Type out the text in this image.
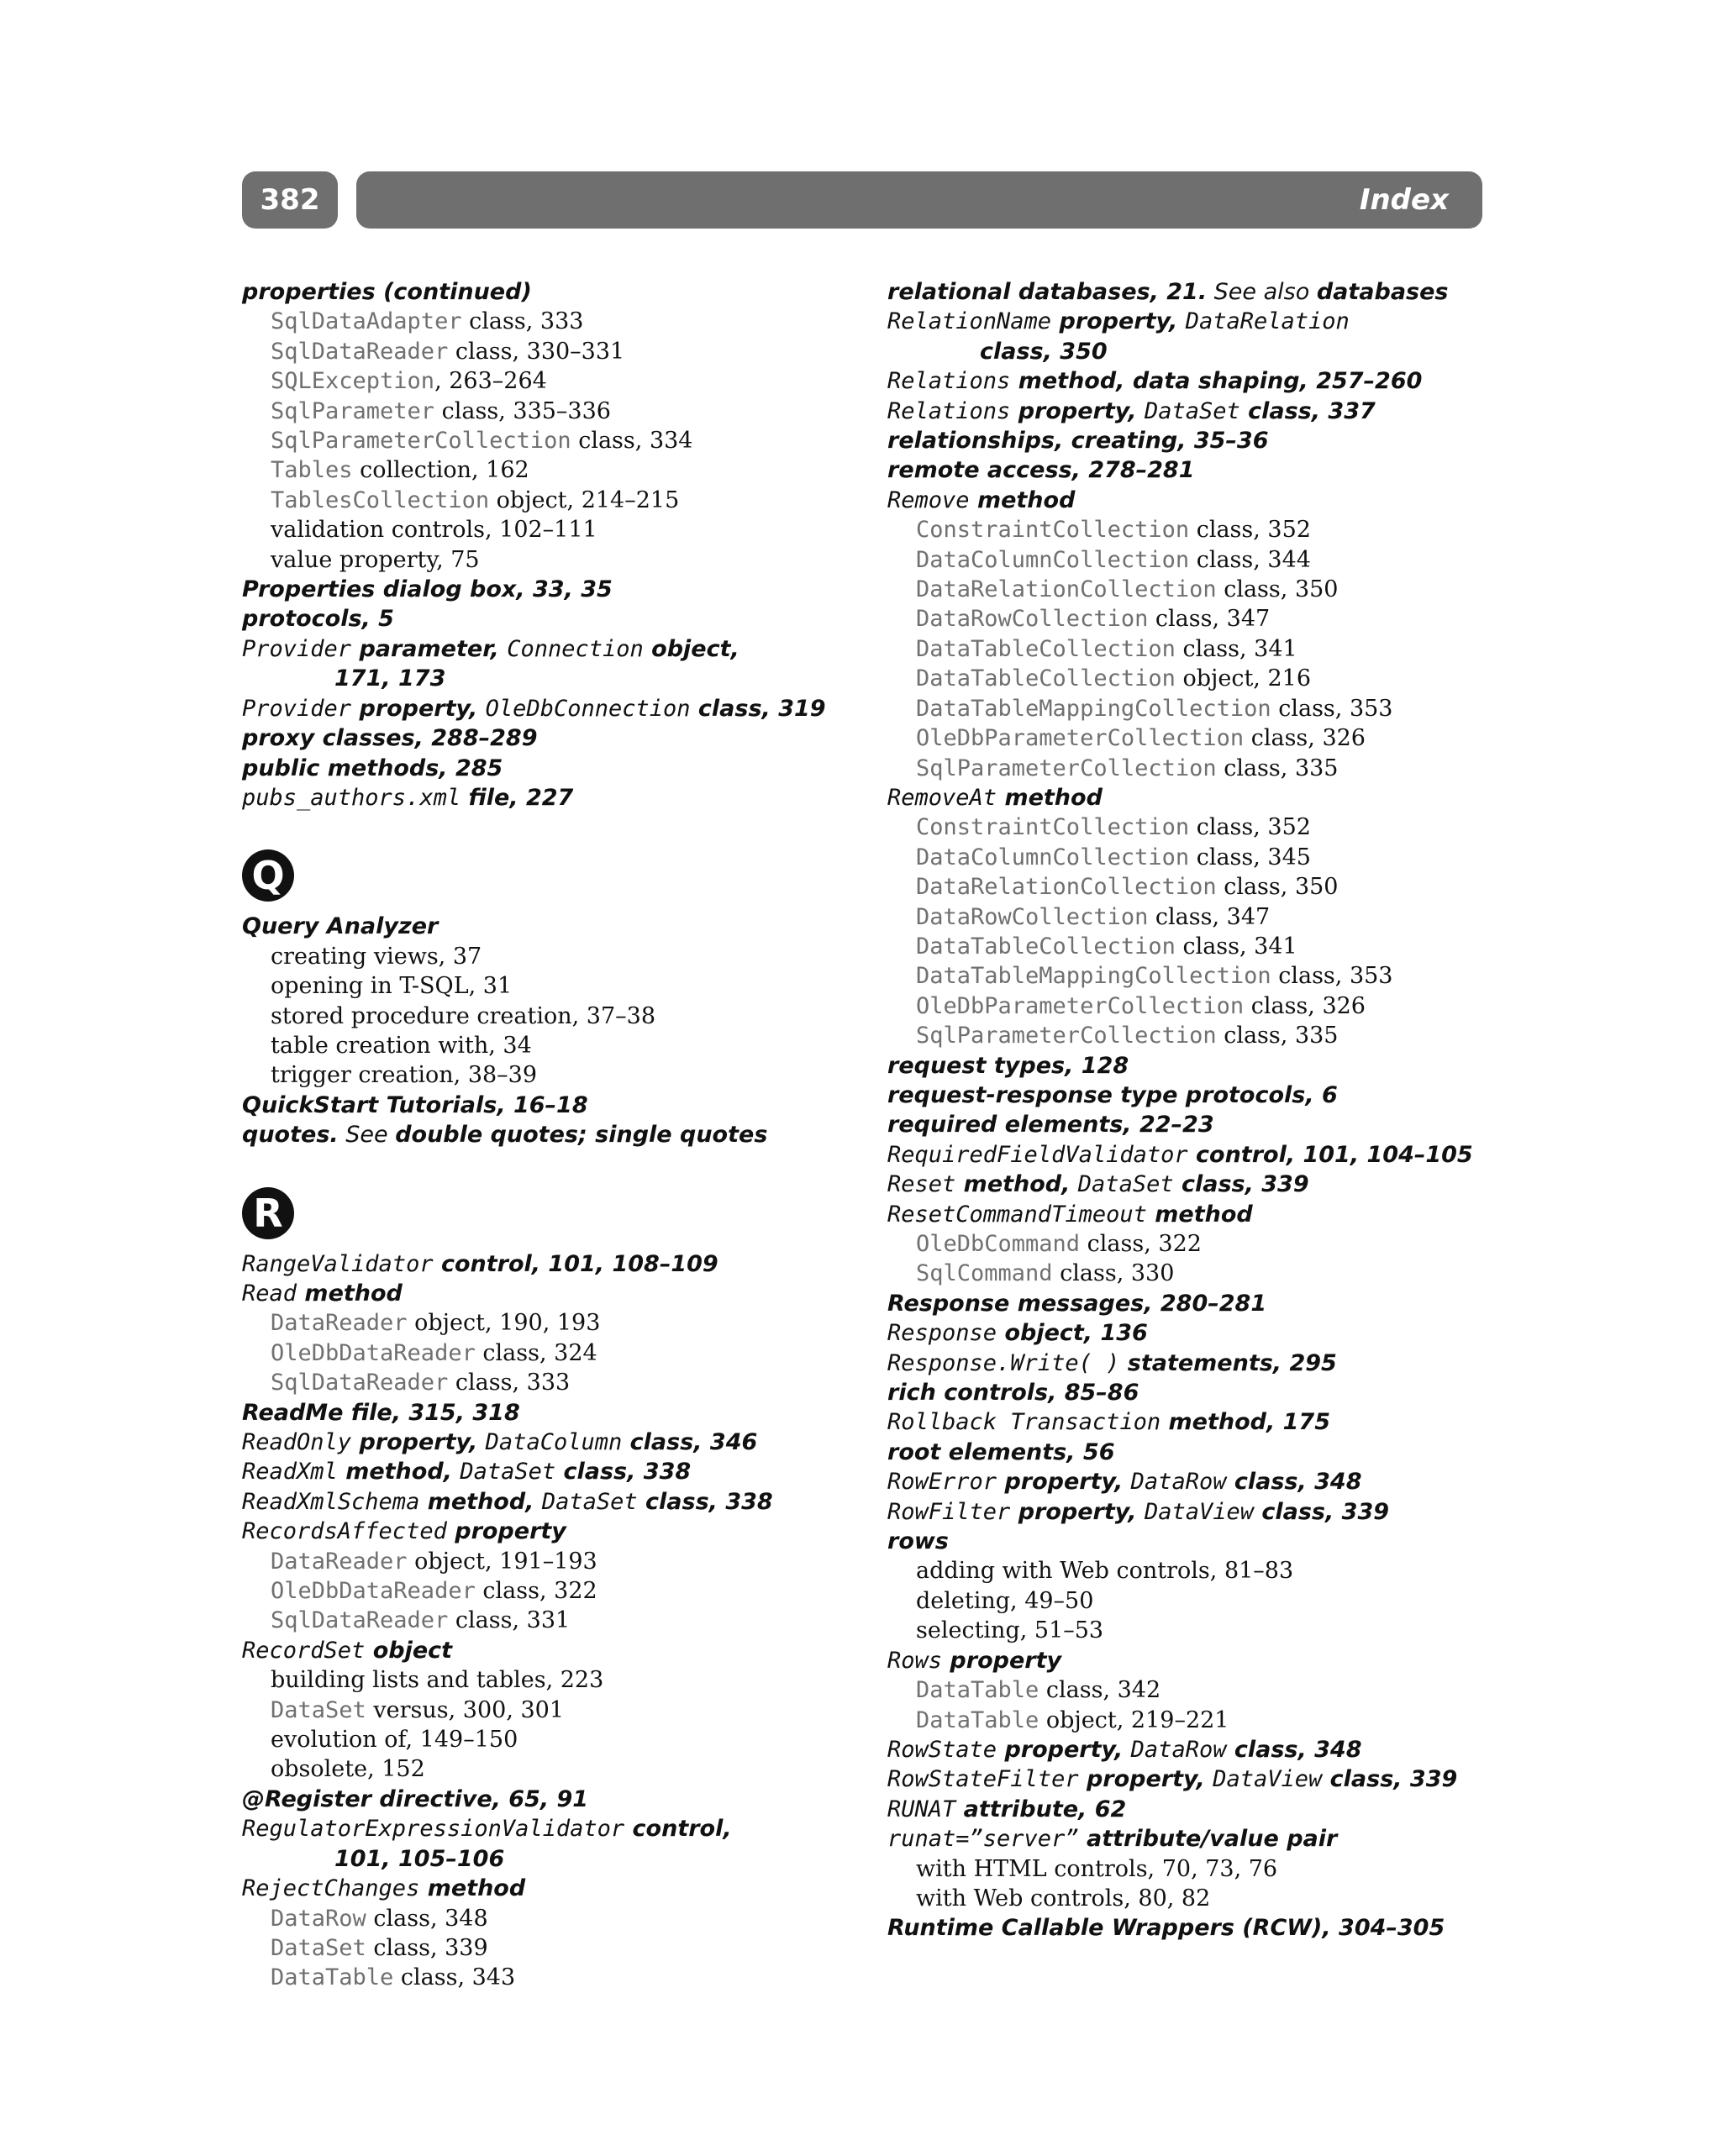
382	Index
properties (continued)
SqlDataAdapter class, 333
SqlDataReader class, 330–331
SQLException, 263–264
SqlParameter class, 335–336
SqlParameterCollection class, 334
Tables collection, 162
TablesCollection object, 214–215
validation controls, 102–111
value property, 75
Properties dialog box, 33, 35
protocols, 5
Provider parameter, Connection object,
171, 173
Provider property, OleDbConnection class, 319
proxy classes, 288–289
public methods, 285
pubs_authors.xml file, 227
Q
Query Analyzer
creating views, 37
opening in T-SQL, 31
stored procedure creation, 37–38
table creation with, 34
trigger creation, 38–39
QuickStart Tutorials, 16–18
quotes. See double quotes; single quotes
R
RangeValidator control, 101, 108–109
Read method
DataReader object, 190, 193
OleDbDataReader class, 324
SqlDataReader class, 333
ReadMe file, 315, 318
ReadOnly property, DataColumn class, 346
ReadXml method, DataSet class, 338
ReadXmlSchema method, DataSet class, 338
RecordsAffected property
DataReader object, 191–193
OleDbDataReader class, 322
SqlDataReader class, 331
RecordSet object
building lists and tables, 223
DataSet versus, 300, 301
evolution of, 149–150
obsolete, 152
@Register directive, 65, 91
RegulatorExpressionValidator control,
101, 105–106
RejectChanges method
DataRow class, 348
DataSet class, 339
DataTable class, 343
relational databases, 21. See also databases
RelationName property, DataRelation
class, 350
Relations method, data shaping, 257–260
Relations property, DataSet class, 337
relationships, creating, 35–36
remote access, 278–281
Remove method
ConstraintCollection class, 352
DataColumnCollection class, 344
DataRelationCollection class, 350
DataRowCollection class, 347
DataTableCollection class, 341
DataTableCollection object, 216
DataTableMappingCollection class, 353
OleDbParameterCollection class, 326
SqlParameterCollection class, 335
RemoveAt method
ConstraintCollection class, 352
DataColumnCollection class, 345
DataRelationCollection class, 350
DataRowCollection class, 347
DataTableCollection class, 341
DataTableMappingCollection class, 353
OleDbParameterCollection class, 326
SqlParameterCollection class, 335
request types, 128
request-response type protocols, 6
required elements, 22–23
RequiredFieldValidator control, 101, 104–105
Reset method, DataSet class, 339
ResetCommandTimeout method
OleDbCommand class, 322
SqlCommand class, 330
Response messages, 280–281
Response object, 136
Response.Write( ) statements, 295
rich controls, 85–86
Rollback Transaction method, 175
root elements, 56
RowError property, DataRow class, 348
RowFilter property, DataView class, 339
rows
adding with Web controls, 81–83
deleting, 49–50
selecting, 51–53
Rows property
DataTable class, 342
DataTable object, 219–221
RowState property, DataRow class, 348
RowStateFilter property, DataView class, 339
RUNAT attribute, 62
runat=”server” attribute/value pair
with HTML controls, 70, 73, 76
with Web controls, 80, 82
Runtime Callable Wrappers (RCW), 304–305
